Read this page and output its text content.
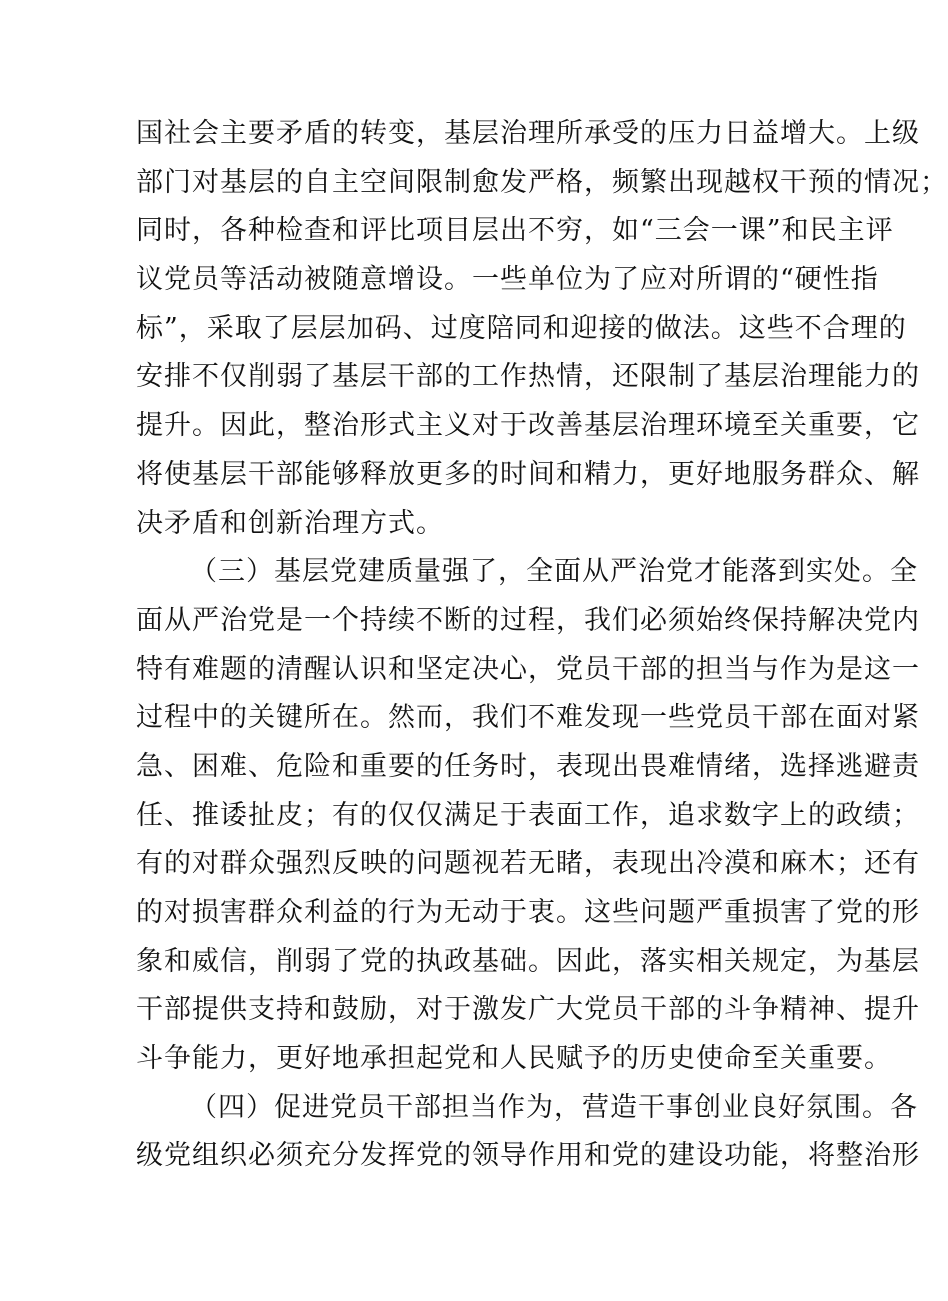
国社会主要矛盾的转变，基层治理所承受的压力日益增大。上级
部门对基层的自主空间限制愈发严格，频繁出现越权干预的情况；
同时，各种检查和评比项目层出不穷，如“三会一课”和民主评
议党员等活动被随意增设。一些单位为了应对所谓的“硬性指
标”，采取了层层加码、过度陪同和迎接的做法。这些不合理的
安排不仅削弱了基层干部的工作热情，还限制了基层治理能力的
提升。因此，整治形式主义对于改善基层治理环境至关重要，它
将使基层干部能够释放更多的时间和精力，更好地服务群众、解
决矛盾和创新治理方式。
（三）基层党建质量强了，全面从严治党才能落到实处。全
面从严治党是一个持续不断的过程，我们必须始终保持解决党内
特有难题的清醒认识和坚定决心，党员干部的担当与作为是这一
过程中的关键所在。然而，我们不难发现一些党员干部在面对紧
急、困难、危险和重要的任务时，表现出畏难情绪，选择逃避责
任、推诿扯皮；有的仅仅满足于表面工作，追求数字上的政绩；
有的对群众强烈反映的问题视若无睹，表现出冷漠和麻木；还有
的对损害群众利益的行为无动于衷。这些问题严重损害了党的形
象和威信，削弱了党的执政基础。因此，落实相关规定，为基层
干部提供支持和鼓励，对于激发广大党员干部的斗争精神、提升
斗争能力，更好地承担起党和人民赋予的历史使命至关重要。
（四）促进党员干部担当作为，营造干事创业良好氛围。各
级党组织必须充分发挥党的领导作用和党的建设功能，将整治形
